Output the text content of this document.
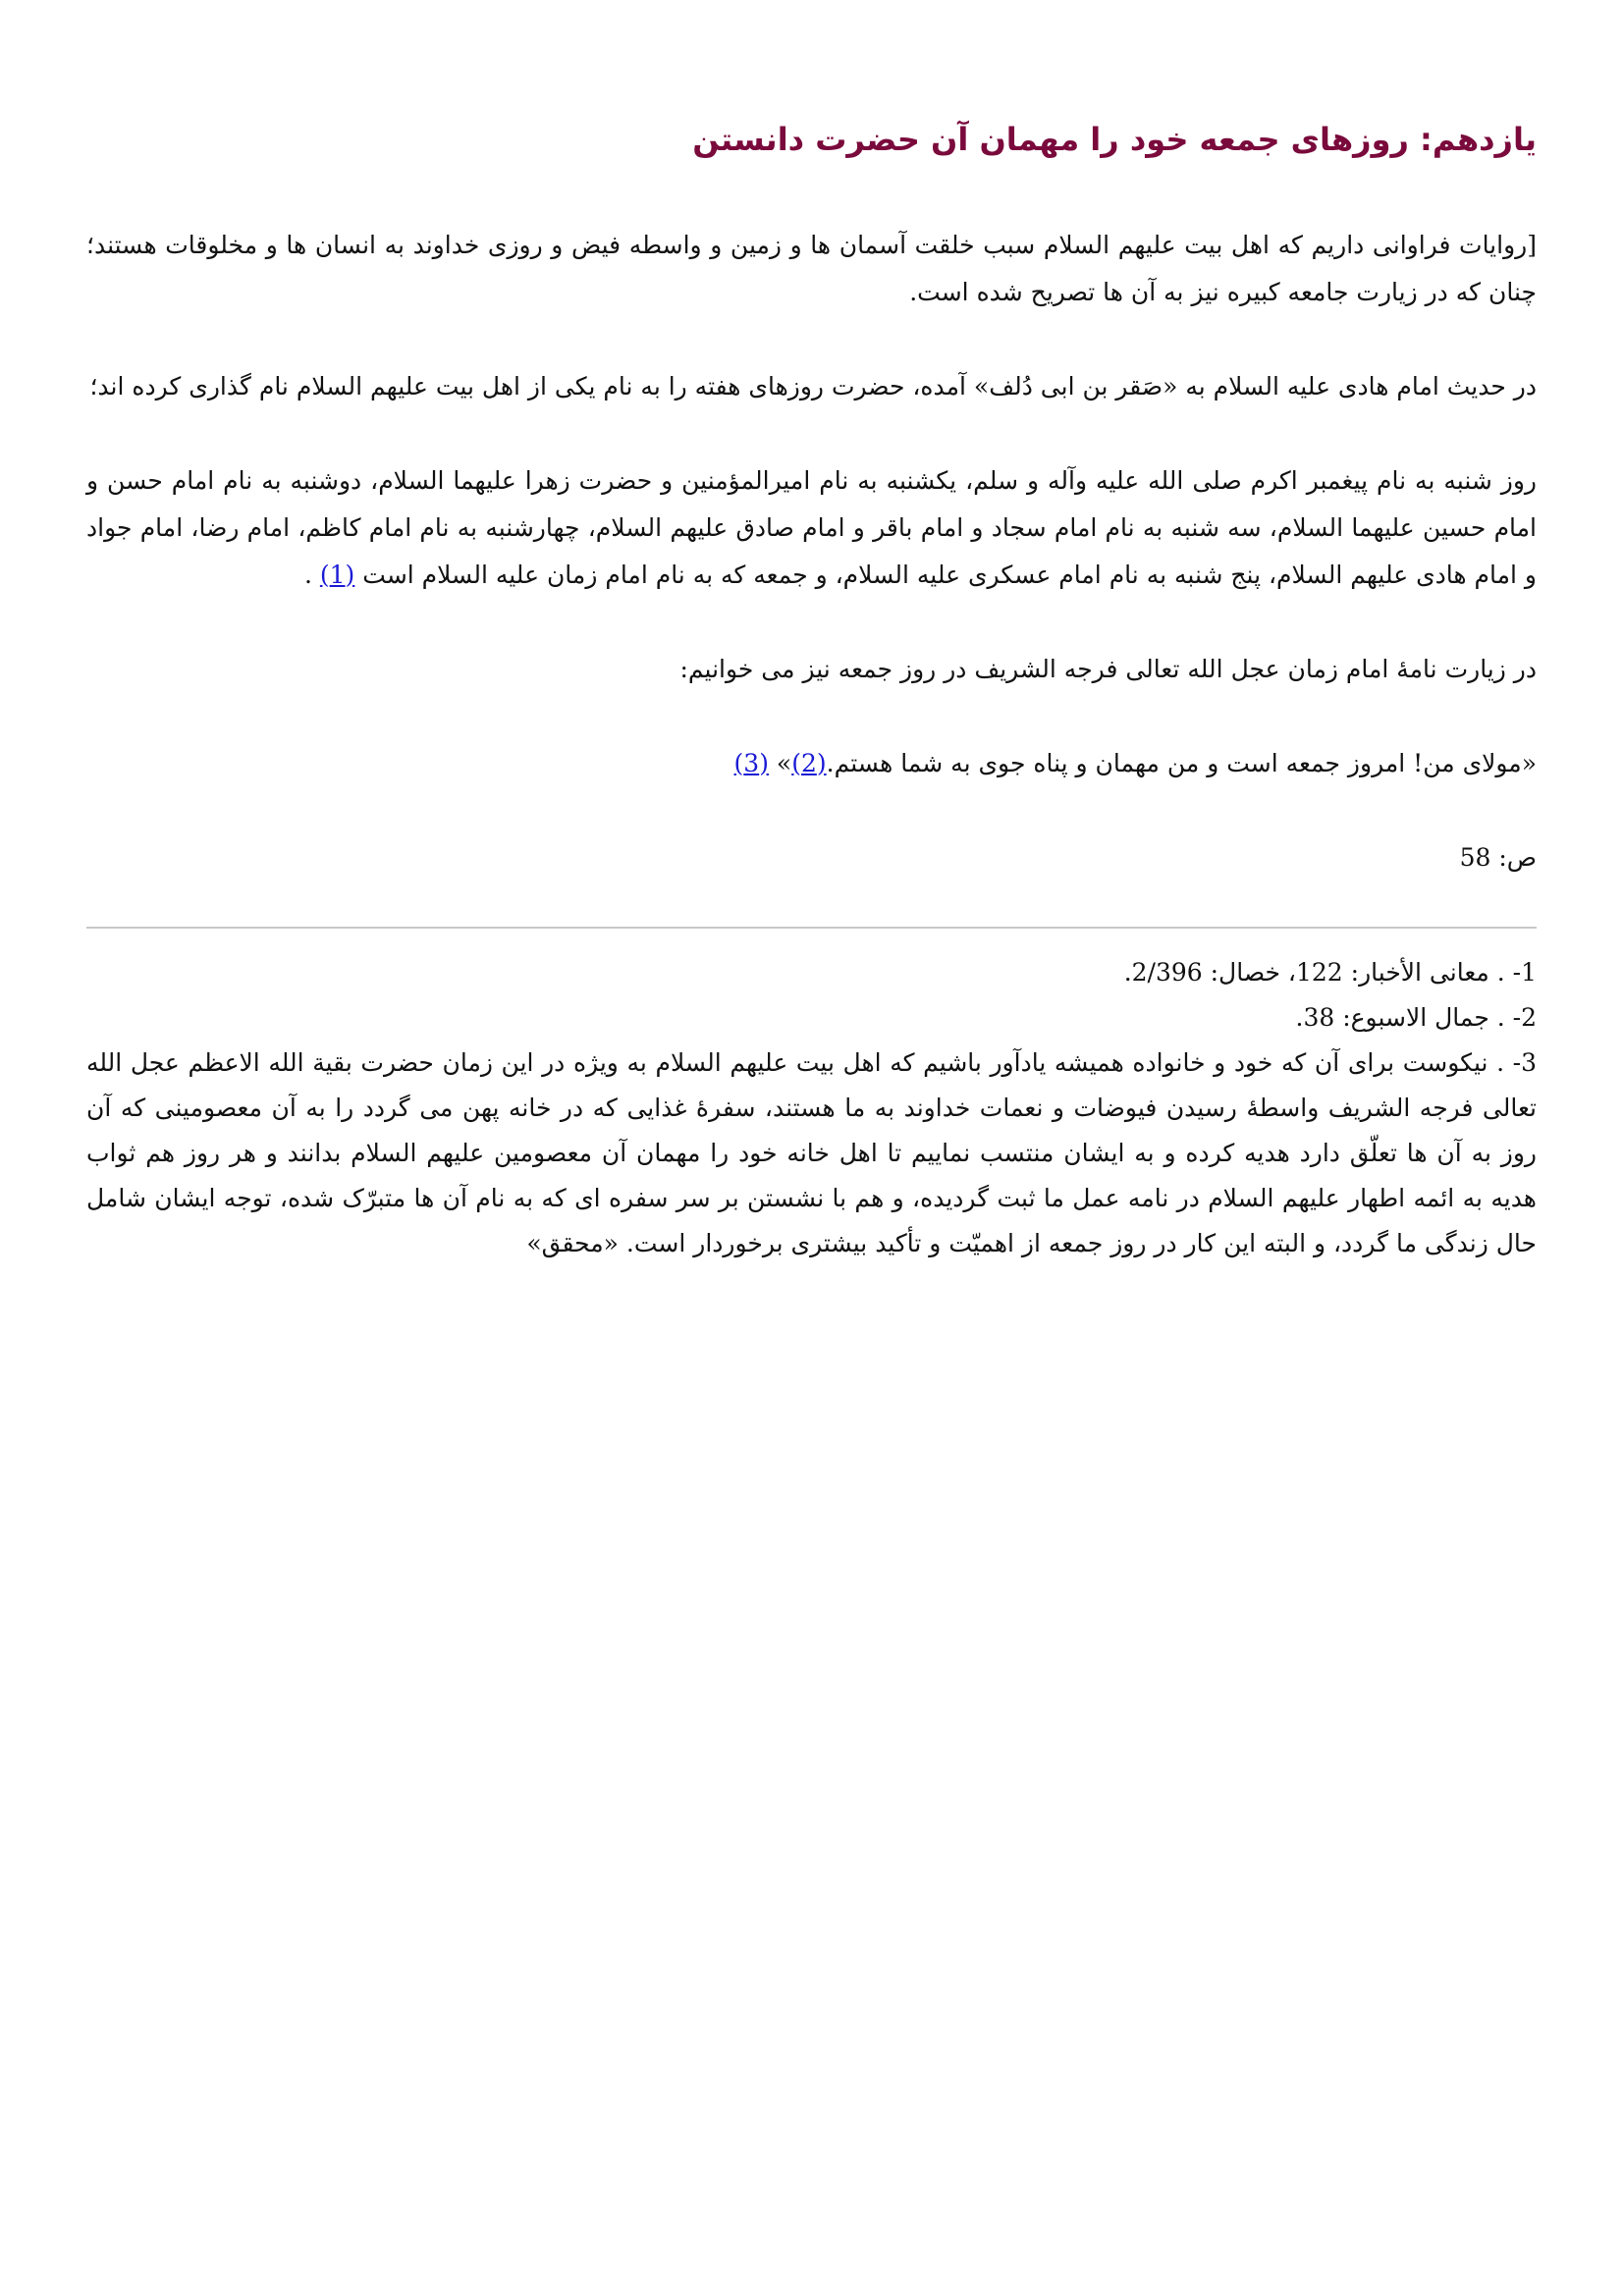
یازدهم: روزهای جمعه خود را مهمان آن حضرت دانستن

[روایات فراوانی داریم که اهل بیت علیهم السلام سبب خلقت آسمان ها و زمین و واسطه فیض و روزی خداوند به انسان ها و مخلوقات هستند؛ چنان که در زیارت جامعه کبیره نیز به آن ها تصریح شده است.

در حدیث امام هادی علیه السلام به «صَقر بن ابی دُلف» آمده، حضرت روزهای هفته را به نام یکی از اهل بیت علیهم السلام نام گذاری کرده اند؛

روز شنبه به نام پیغمبر اکرم صلی الله علیه وآله و سلم، یکشنبه به نام امیرالمؤمنین و حضرت زهرا علیهما السلام، دوشنبه به نام امام حسن و امام حسین علیهما السلام، سه شنبه به نام امام سجاد و امام باقر و امام صادق علیهم السلام، چهارشنبه به نام امام کاظم، امام رضا، امام جواد و امام هادی علیهم السلام، پنج شنبه به نام امام عسکری علیه السلام، و جمعه که به نام امام زمان علیه السلام است (1) .

در زیارت نامهٔ امام زمان عجل الله تعالی فرجه الشریف در روز جمعه نیز می خوانیم:

«مولای من! امروز جمعه است و من مهمان و پناه جوی به شما هستم.(2)» (3)

ص: 58

1- . معانی الأخبار: 122، خصال: 2/396.

2- . جمال الاسبوع: 38.

3- . نیکوست برای آن که خود و خانواده همیشه یادآور باشیم که اهل بیت علیهم السلام به ویژه در این زمان حضرت بقیة الله الاعظم عجل الله تعالی فرجه الشریف واسطهٔ رسیدن فیوضات و نعمات خداوند به ما هستند، سفرهٔ غذایی که در خانه پهن می گردد را به آن معصومینی که آن روز به آن ها تعلّق دارد هدیه کرده و به ایشان منتسب نماییم تا اهل خانه خود را مهمان آن معصومین علیهم السلام بدانند و هر روز هم ثواب هدیه به ائمه اطهار علیهم السلام در نامه عمل ما ثبت گردیده، و هم با نشستن بر سر سفره ای که به نام آن ها متبرّک شده، توجه ایشان شامل حال زندگی ما گردد، و البته این کار در روز جمعه از اهمیّت و تأکید بیشتری برخوردار است. «محقق»
